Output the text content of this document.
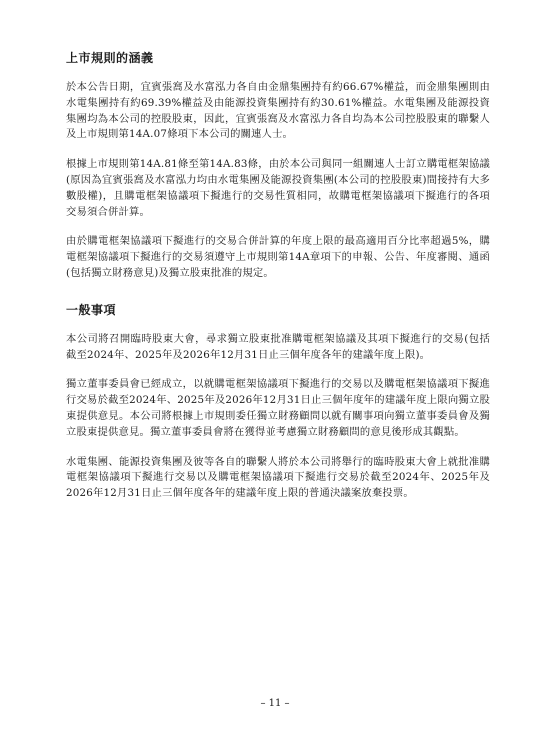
上市規則的涵義

於本公告日期，宜賓張窩及水富泓力各自由金鼎集團持有約66.67%權益，而金鼎集團則由水電集團持有約69.39%權益及由能源投資集團持有約30.61%權益。水電集團及能源投資集團均為本公司的控股股東，因此，宜賓張窩及水富泓力各自均為本公司控股股東的聯繫人及上市規則第14A.07條項下本公司的關連人士。

根據上市規則第14A.81條至第14A.83條，由於本公司與同一組關連人士訂立購電框架協議(原因為宜賓張窩及水富泓力均由水電集團及能源投資集團(本公司的控股股東)間接持有大多數股權)，且購電框架協議項下擬進行的交易性質相同，故購電框架協議項下擬進行的各項交易須合併計算。

由於購電框架協議項下擬進行的交易合併計算的年度上限的最高適用百分比率超過5%，購電框架協議項下擬進行的交易須遵守上市規則第14A章項下的申報、公告、年度審閱、通函(包括獨立財務意見)及獨立股東批准的規定。

一般事項

本公司將召開臨時股東大會，尋求獨立股東批准購電框架協議及其項下擬進行的交易(包括截至2024年、2025年及2026年12月31日止三個年度各年的建議年度上限)。

獨立董事委員會已經成立，以就購電框架協議項下擬進行的交易以及購電框架協議項下擬進行交易於截至2024年、2025年及2026年12月31日止三個年度年的建議年度上限向獨立股東提供意見。本公司將根據上市規則委任獨立財務顧問以就有關事項向獨立董事委員會及獨立股東提供意見。獨立董事委員會將在獲得並考慮獨立財務顧問的意見後形成其觀點。

水電集團、能源投資集團及彼等各自的聯繫人將於本公司將舉行的臨時股東大會上就批准購電框架協議項下擬進行交易以及購電框架協議項下擬進行交易於截至2024年、2025年及2026年12月31日止三個年度各年的建議年度上限的普通決議案放棄投票。

– 11 –
